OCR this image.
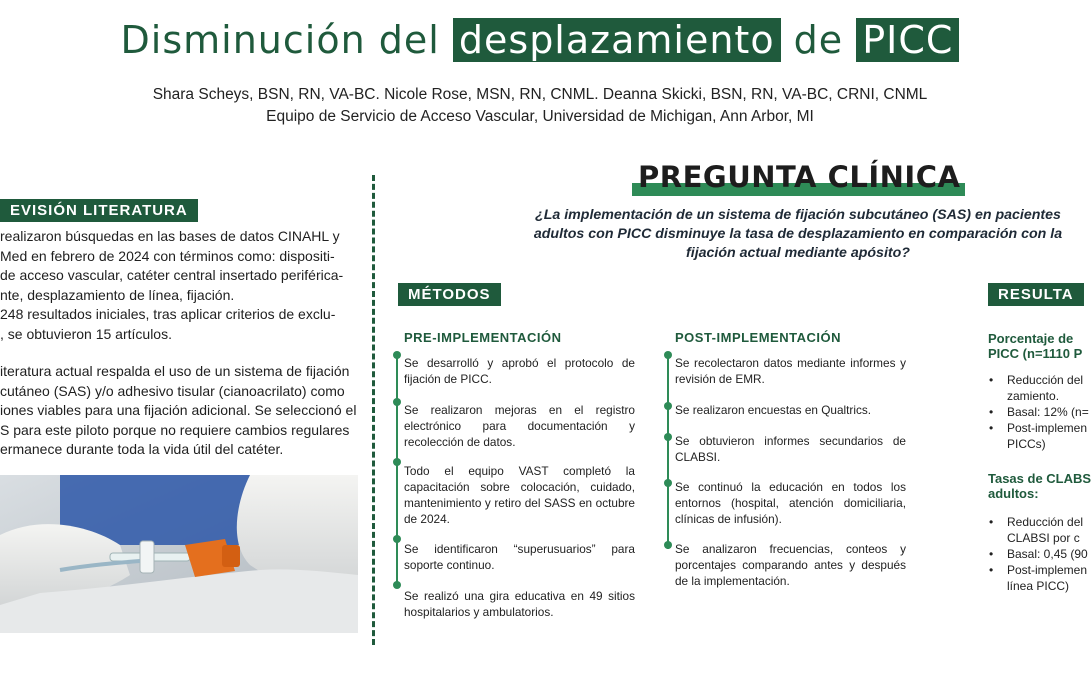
Disminución del desplazamiento de PICC
Shara Scheys, BSN, RN, VA-BC. Nicole Rose, MSN, RN, CNML. Deanna Skicki, BSN, RN, VA-BC, CRNI, CNML
Equipo de Servicio de Acceso Vascular, Universidad de Michigan, Ann Arbor, MI
EVISIÓN LITERATURA
realizaron búsquedas en las bases de datos CINAHL y
Med en febrero de 2024 con términos como: dispositi-
de acceso vascular, catéter central insertado periférica-
nte, desplazamiento de línea, fijación.
248 resultados iniciales, tras aplicar criterios de exclu-
, se obtuvieron 15 artículos.
iteratura actual respalda el uso de un sistema de fijación
cutáneo (SAS) y/o adhesivo tisular (cianoacrilato) como
iones viables para una fijación adicional. Se seleccionó el
S para este piloto porque no requiere cambios regulares
ermanece durante toda la vida útil del catéter.
PREGUNTA CLÍNICA
¿La implementación de un sistema de fijación subcutáneo (SAS) en pacientes adultos con PICC disminuye la tasa de desplazamiento en comparación con la fijación actual mediante apósito?
MÉTODOS
PRE-IMPLEMENTACIÓN
Se desarrolló y aprobó el protocolo de fijación de PICC.
Se realizaron mejoras en el registro electrónico para documentación y recolección de datos.
Todo el equipo VAST completó la capacitación sobre colocación, cuidado, mantenimiento y retiro del SASS en octubre de 2024.
Se identificaron “superusuarios” para soporte continuo.
Se realizó una gira educativa en 49 sitios hospitalarios y ambulatorios.
POST-IMPLEMENTACIÓN
Se recolectaron datos mediante informes y revisión de EMR.
Se realizaron encuestas en Qualtrics.
Se obtuvieron informes secundarios de CLABSI.
Se continuó la educación en todos los entornos (hospital, atención domiciliaria, clínicas de infusión).
Se analizaron frecuencias, conteos y porcentajes comparando antes y después de la implementación.
RESULTA
Porcentaje de
PICC (n=1110 P
• Reducción del
zamiento.
• Basal: 12% (n=
• Post-implemen
PICCs)
Tasas de CLABS
adultos:
• Reducción del
CLABSI por c
• Basal: 0,45 (90
• Post-implemen
línea PICC)
